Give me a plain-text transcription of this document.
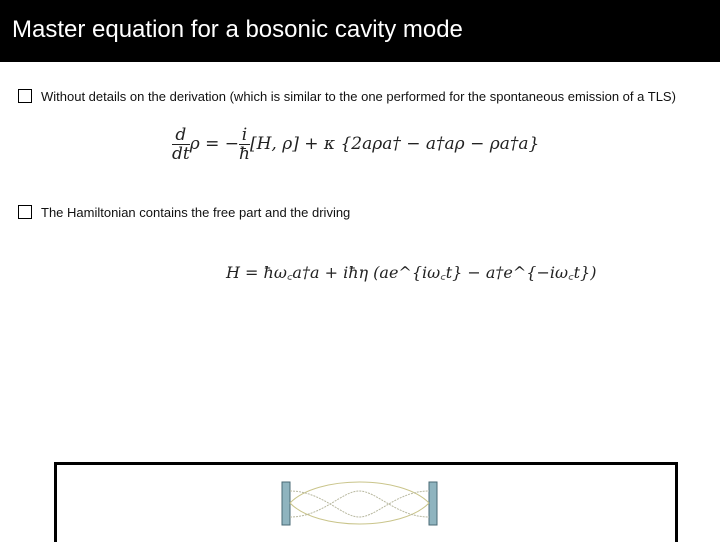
Master equation for a bosonic cavity mode
Without details on the derivation (which is similar to the one performed for the spontaneous emission of a TLS)
$\frac{d}{dt}$ ρ = − $\frac{i}{ħ} [H$, ρ] + κ {2aρa† − a†aρ − ρa†a}
The Hamiltonian contains the free part and the driving
H = ħω꜀a†a + iħη (ae^{iω꜀t} − a†e^{−iω꜀t})
